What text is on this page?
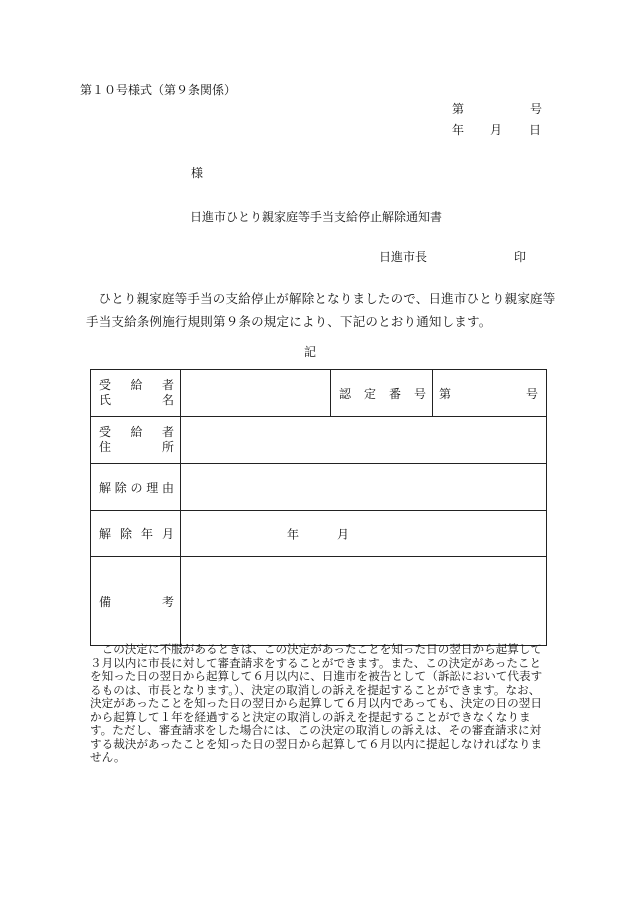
第１０号様式（第９条関係）
第	号
年 月 日
様
日進市ひとり親家庭等手当支給停止解除通知書
日進市長	印
ひとり親家庭等手当の支給停止が解除となりましたので、日進市ひとり親家庭等手当支給条例施行規則第９条の規定により、下記のとおり通知します。
記
受　給　者
氏　　　名		認　定　番　号	第 号

受　給　者
住　　　所			

解除の理由			

解除年月	年 月		

備　　　考			

この決定に不服があるときは、この決定があったことを知った日の翌日から起算して３月以内に市長に対して審査請求をすることができます。また、この決定があったことを知った日の翌日から起算して６月以内に、日進市を被告として（訴訟において代表するものは、市長となります。）、決定の取消しの訴えを提起することができます。なお、決定があったことを知った日の翌日から起算して６月以内であっても、決定の日の翌日から起算して１年を経過すると決定の取消しの訴えを提起することができなくなります。ただし、審査請求をした場合には、この決定の取消しの訴えは、その審査請求に対する裁決があったことを知った日の翌日から起算して６月以内に提起しなければなりません。
